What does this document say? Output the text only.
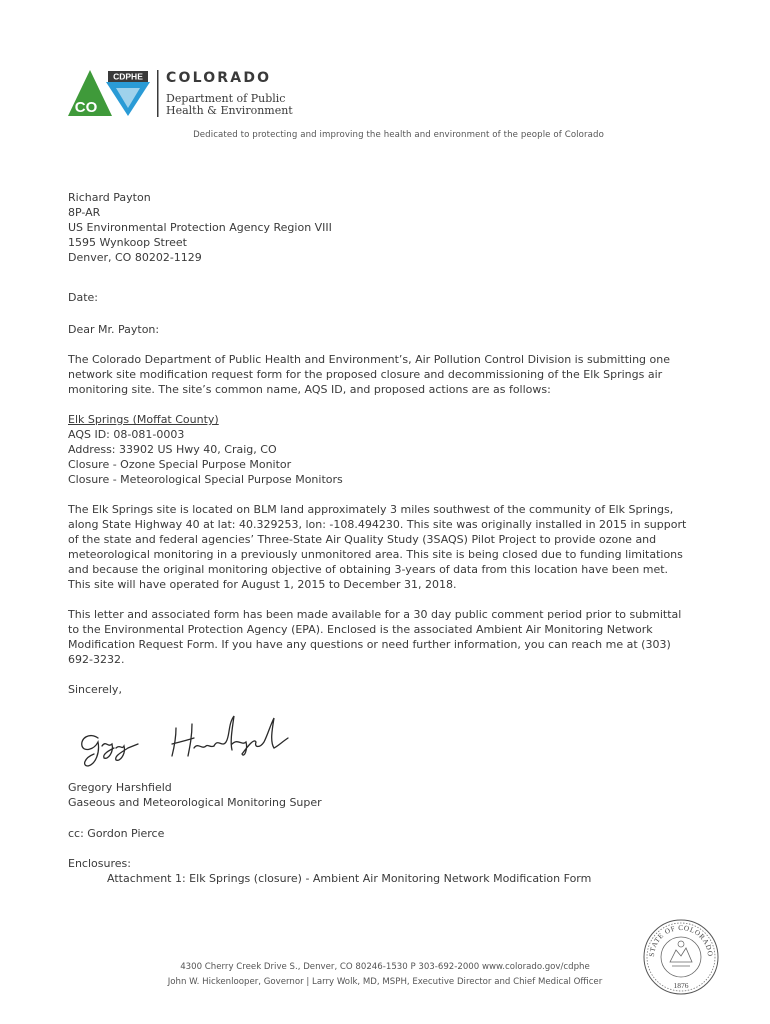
CDPHE
CO
COLORADO
Department of Public
Health & Environment
Dedicated to protecting and improving the health and environment of the people of Colorado
Richard Payton
8P-AR
US Environmental Protection Agency Region VIII
1595 Wynkoop Street
Denver, CO 80202-1129
Date:
Dear Mr. Payton:
The Colorado Department of Public Health and Environment’s, Air Pollution Control Division is submitting one
network site modification request form for the proposed closure and decommissioning of the Elk Springs air
monitoring site. The site’s common name, AQS ID, and proposed actions are as follows:
Elk Springs (Moffat County)
AQS ID: 08-081-0003
Address: 33902 US Hwy 40, Craig, CO
Closure - Ozone Special Purpose Monitor
Closure - Meteorological Special Purpose Monitors
The Elk Springs site is located on BLM land approximately 3 miles southwest of the community of Elk Springs,
along State Highway 40 at lat: 40.329253, lon: -108.494230. This site was originally installed in 2015 in support
of the state and federal agencies’ Three-State Air Quality Study (3SAQS) Pilot Project to provide ozone and
meteorological monitoring in a previously unmonitored area. This site is being closed due to funding limitations
and because the original monitoring objective of obtaining 3-years of data from this location have been met.
This site will have operated for August 1, 2015 to December 31, 2018.
This letter and associated form has been made available for a 30 day public comment period prior to submittal
to the Environmental Protection Agency (EPA). Enclosed is the associated Ambient Air Monitoring Network
Modification Request Form. If you have any questions or need further information, you can reach me at (303)
692-3232.
Sincerely,
Gregory Harshfield
Gaseous and Meteorological Monitoring Super
cc: Gordon Pierce
Enclosures:
Attachment 1: Elk Springs (closure) - Ambient Air Monitoring Network Modification Form
4300 Cherry Creek Drive S., Denver, CO 80246-1530 P 303-692-2000 www.colorado.gov/cdphe
John W. Hickenlooper, Governor | Larry Wolk, MD, MSPH, Executive Director and Chief Medical Officer
STATE OF COLORADO
1876
